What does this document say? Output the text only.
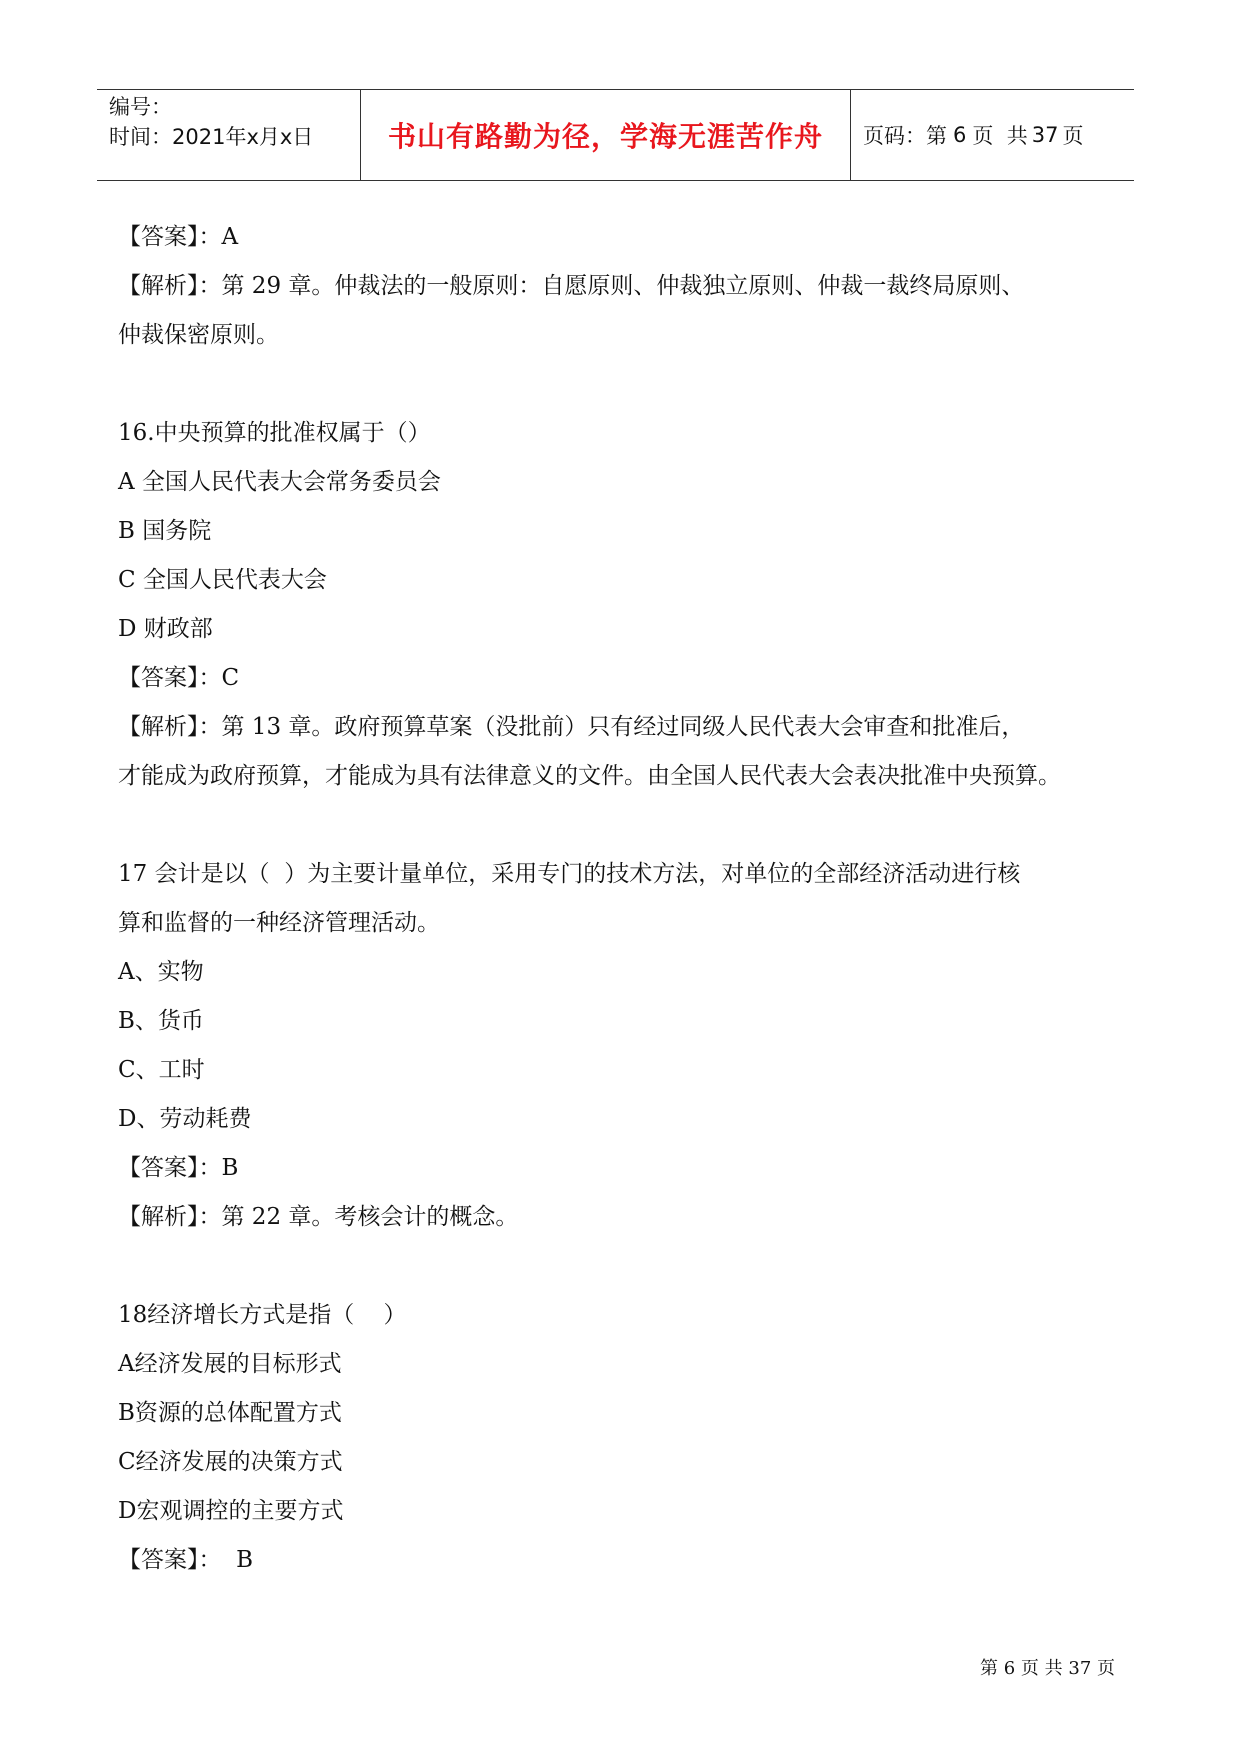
编号：
时间：2021年x月x日	书山有路勤为径，学海无涯苦作舟	页码：第 6 页  共 37 页
【答案】：A
【解析】：第 29 章。仲裁法的一般原则：自愿原则、仲裁独立原则、仲裁一裁终局原则、
仲裁保密原则。
16.中央预算的批准权属于（）
A 全国人民代表大会常务委员会
B 国务院
C 全国人民代表大会
D 财政部
【答案】：C
【解析】：第 13 章。政府预算草案（没批前）只有经过同级人民代表大会审查和批准后，
才能成为政府预算，才能成为具有法律意义的文件。由全国人民代表大会表决批准中央预算。
17 会计是以（  ）为主要计量单位，采用专门的技术方法，对单位的全部经济活动进行核
算和监督的一种经济管理活动。
A、实物
B、货币
C、工时
D、劳动耗费
【答案】：B
【解析】：第 22 章。考核会计的概念。
18经济增长方式是指（    ）
A经济发展的目标形式
B资源的总体配置方式
C经济发展的决策方式
D宏观调控的主要方式
【答案】：  B
第 6 页 共 37 页
